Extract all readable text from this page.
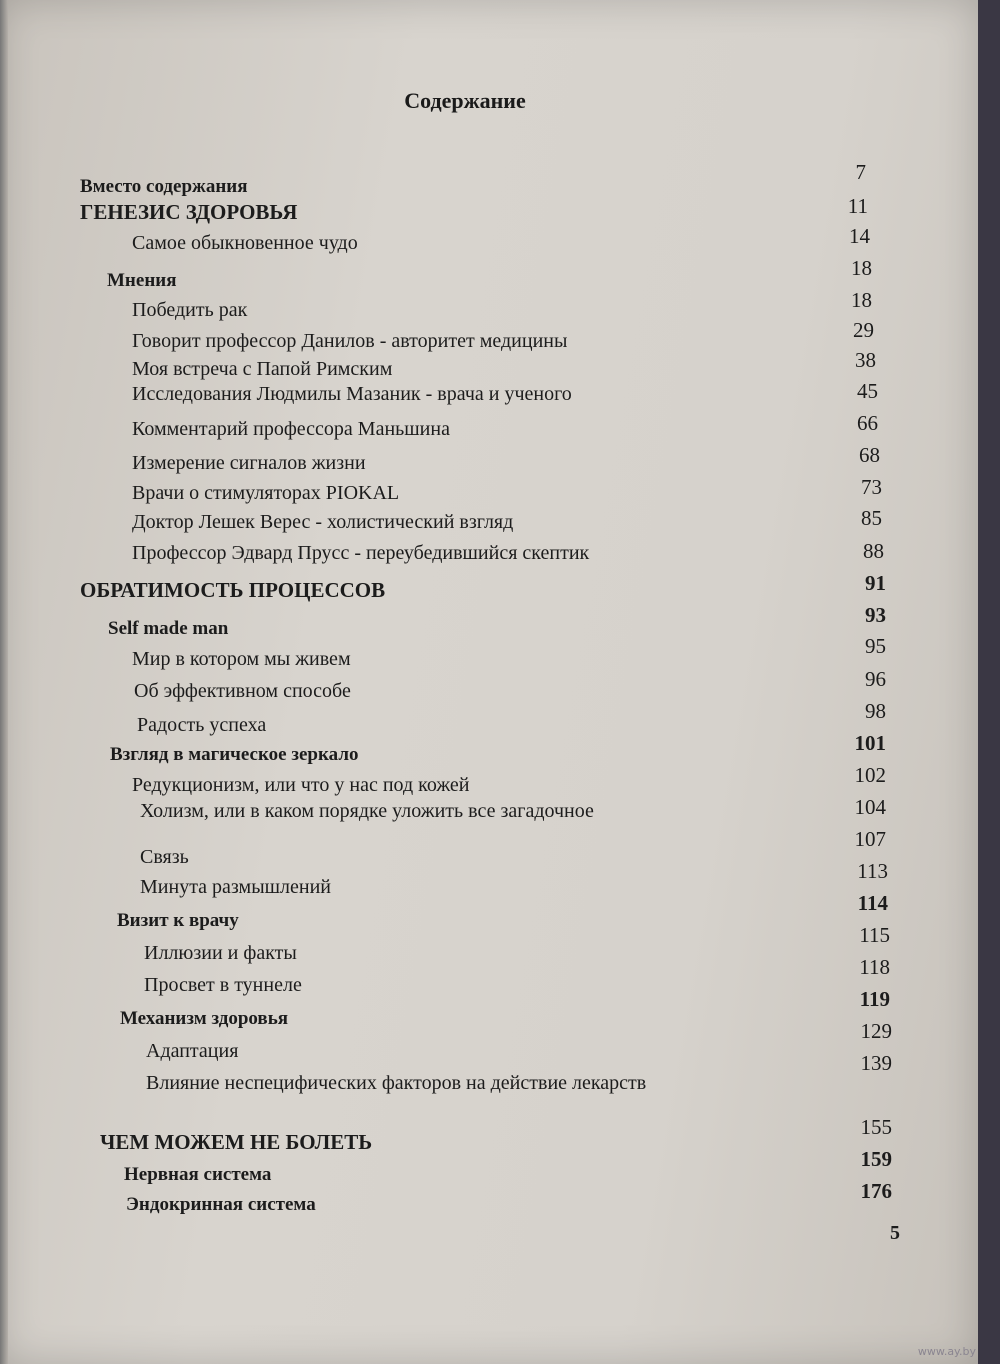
Содержание
Вместо содержания
ГЕНЕЗИС ЗДОРОВЬЯ
Самое обыкновенное чудо
Мнения
Победить рак
Говорит профессор Данилов - авторитет медицины
Моя встреча с Папой Римским
Исследования Людмилы Мазаник - врача и ученого
Комментарий профессора Маньшина
Измерение сигналов жизни
Врачи о стимуляторах PIOKAL
Доктор Лешек Верес - холистический взгляд
Профессор Эдвард Прусс - переубедившийся скептик
ОБРАТИМОСТЬ ПРОЦЕССОВ
Self made man
Мир в котором мы живем
Об эффективном способе
Радость успеха
Взгляд в магическое зеркало
Редукционизм, или что у нас под кожей
Холизм, или в каком порядке уложить все загадочное
Связь
Минута размышлений
Визит к врачу
Иллюзии и факты
Просвет в туннеле
Механизм здоровья
Адаптация
Влияние неспецифических факторов на действие лекарств
ЧЕМ МОЖЕМ НЕ БОЛЕТЬ
Нервная система
Эндокринная система
7
11
14
18
18
29
38
45
66
68
73
85
88
91
93
95
96
98
101
102
104
107
113
114
115
118
119
129
139
155
159
176
5
www.ay.by
